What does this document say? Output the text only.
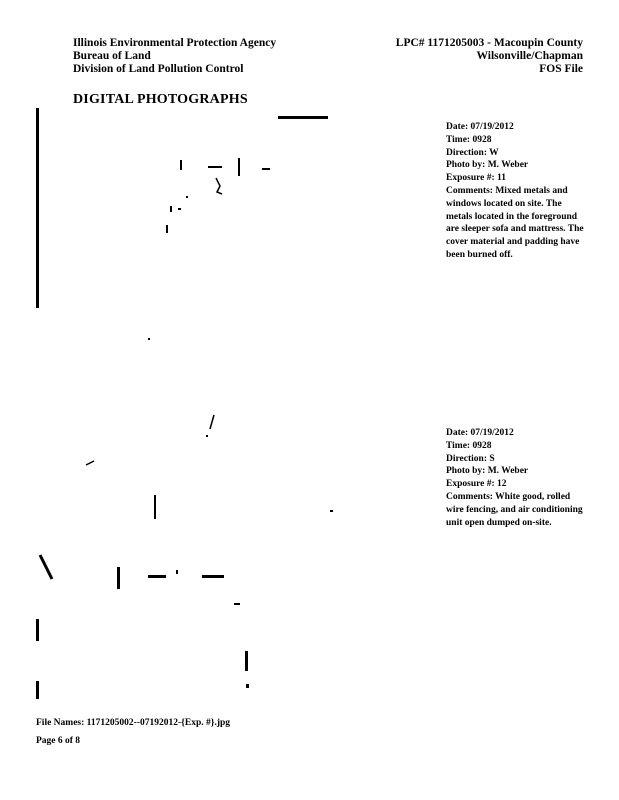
Illinois Environmental Protection Agency
Bureau of Land
Division of Land Pollution Control
LPC# 1171205003 - Macoupin County
Wilsonville/Chapman
FOS File
DIGITAL PHOTOGRAPHS
Date: 07/19/2012
Time: 0928
Direction: W
Photo by: M. Weber
Exposure #: 11
Comments: Mixed metals and windows located on site. The metals located in the foreground are sleeper sofa and mattress. The cover material and padding have been burned off.
Date: 07/19/2012
Time: 0928
Direction: S
Photo by: M. Weber
Exposure #: 12
Comments: White good, rolled wire fencing, and air conditioning unit open dumped on-site.
File Names: 1171205002--07192012-{Exp. #}.jpg
Page 6 of 8
